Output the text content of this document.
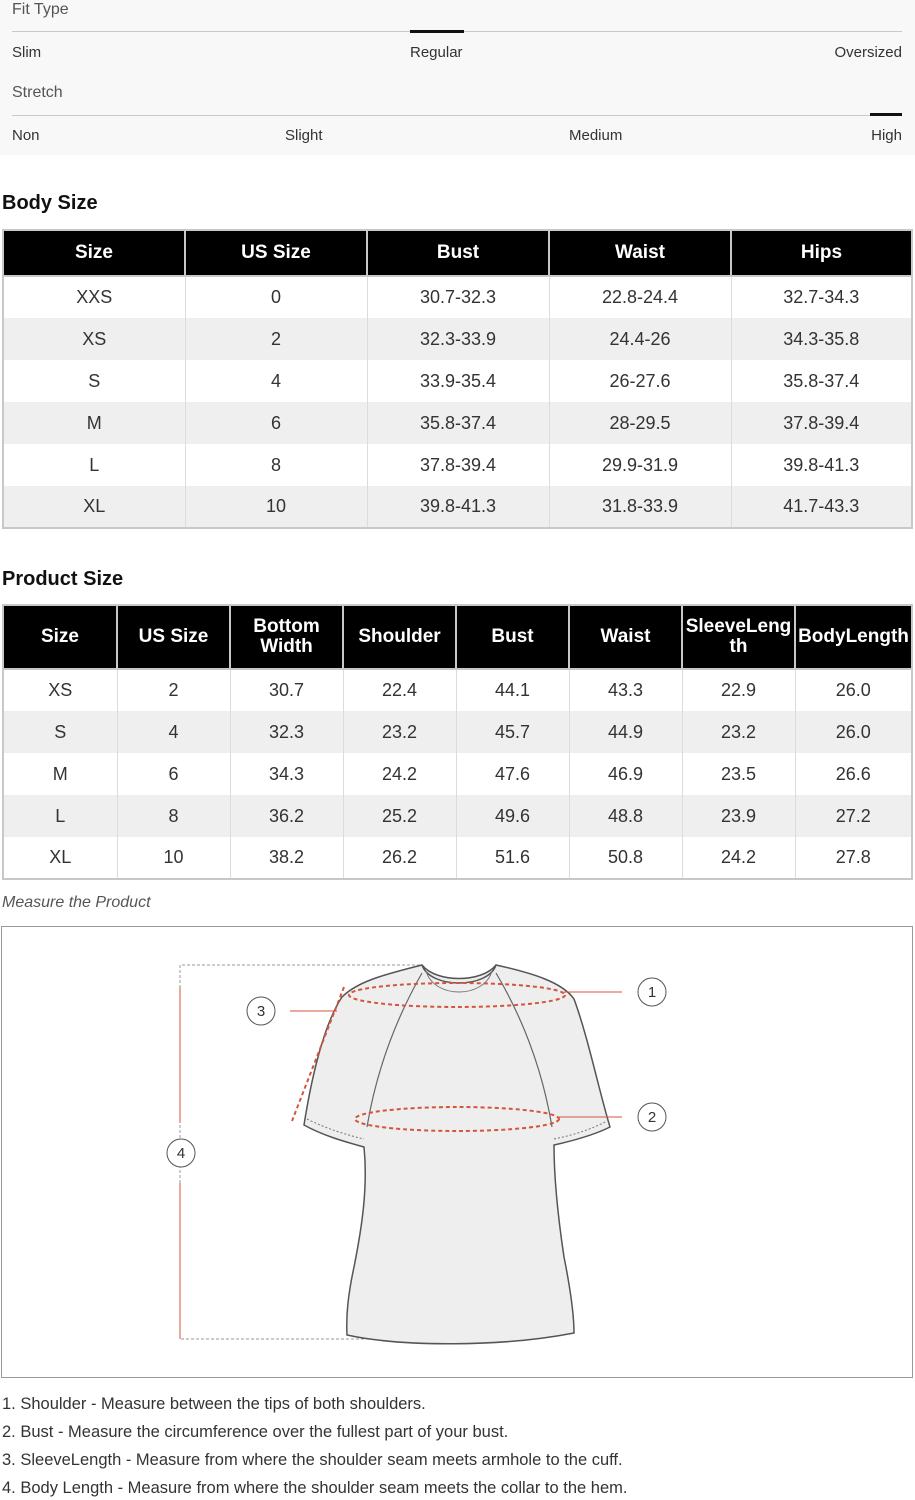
Fit Type
Slim	Regular	Oversized
Stretch
Non	Slight	Medium	High
Body Size
Size	US Size	Bust	Waist	Hips
XXS	0	30.7-32.3	22.8-24.4	32.7-34.3
XS	2	32.3-33.9	24.4-26	34.3-35.8
S	4	33.9-35.4	26-27.6	35.8-37.4
M	6	35.8-37.4	28-29.5	37.8-39.4
L	8	37.8-39.4	29.9-31.9	39.8-41.3
XL	10	39.8-41.3	31.8-33.9	41.7-43.3
Product Size
Size	US Size	Bottom Width	Shoulder	Bust	Waist	SleeveLength	BodyLength
XS	2	30.7	22.4	44.1	43.3	22.9	26.0
S	4	32.3	23.2	45.7	44.9	23.2	26.0
M	6	34.3	24.2	47.6	46.9	23.5	26.6
L	8	36.2	25.2	49.6	48.8	23.9	27.2
XL	10	38.2	26.2	51.6	50.8	24.2	27.8
Measure the Product
1
2
3
4
1. Shoulder - Measure between the tips of both shoulders.
2. Bust - Measure the circumference over the fullest part of your bust.
3. SleeveLength - Measure from where the shoulder seam meets armhole to the cuff.
4. Body Length - Measure from where the shoulder seam meets the collar to the hem.
